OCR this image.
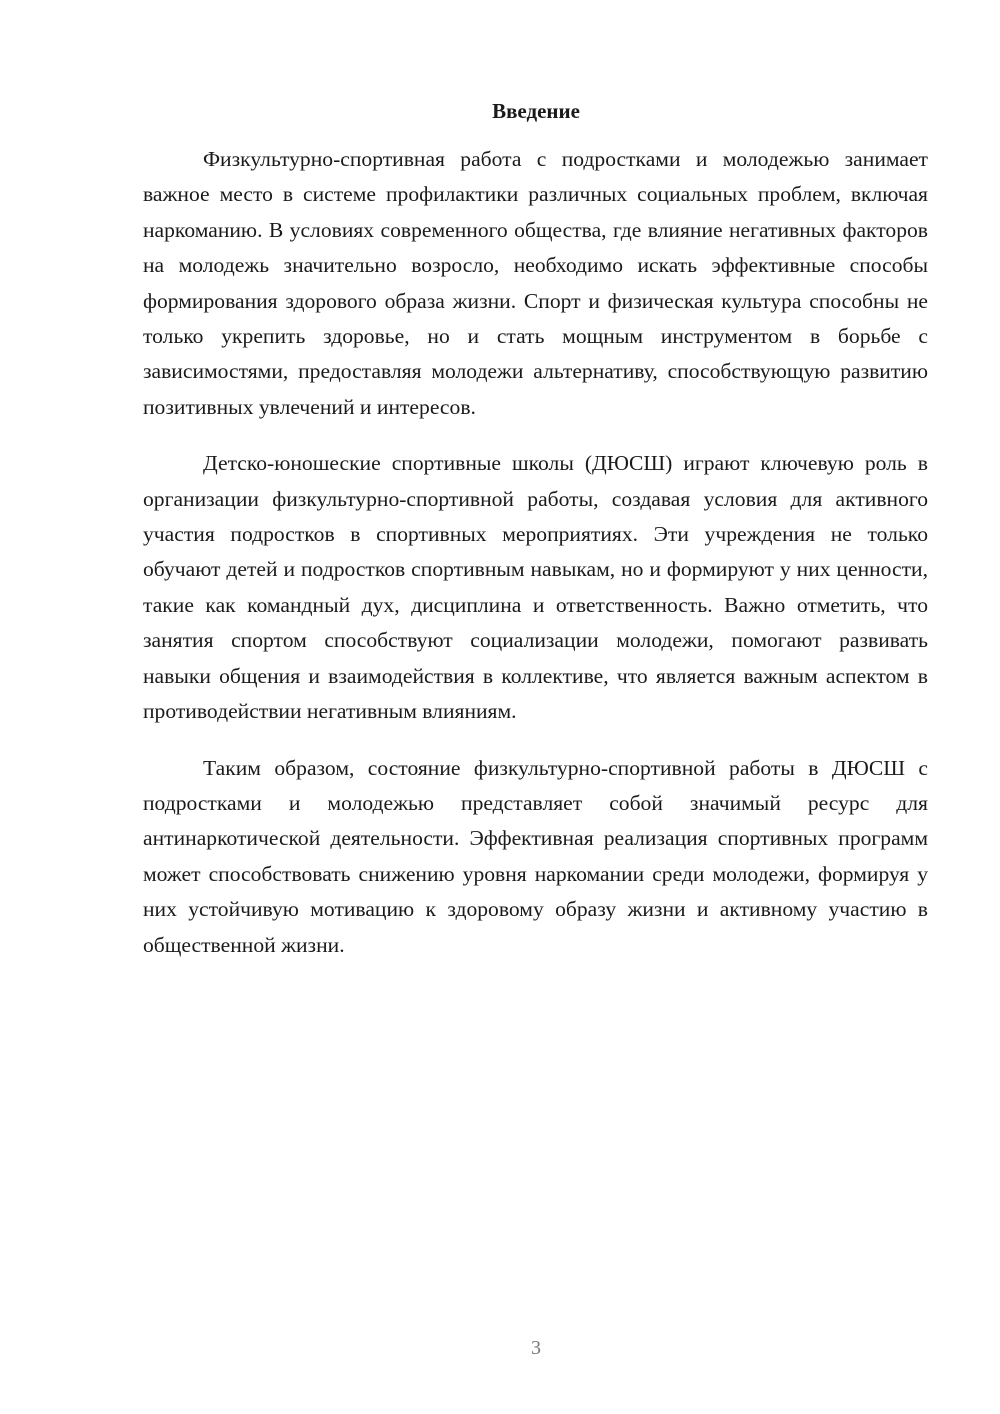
Введение

Физкультурно-спортивная работа с подростками и молодежью занимает важное место в системе профилактики различных социальных проблем, включая наркоманию. В условиях современного общества, где влияние негативных факторов на молодежь значительно возросло, необходимо искать эффективные способы формирования здорового образа жизни. Спорт и физическая культура способны не только укрепить здоровье, но и стать мощным инструментом в борьбе с зависимостями, предоставляя молодежи альтернативу, способствующую развитию позитивных увлечений и интересов.

Детско-юношеские спортивные школы (ДЮСШ) играют ключевую роль в организации физкультурно-спортивной работы, создавая условия для активного участия подростков в спортивных мероприятиях. Эти учреждения не только обучают детей и подростков спортивным навыкам, но и формируют у них ценности, такие как командный дух, дисциплина и ответственность. Важно отметить, что занятия спортом способствуют социализации молодежи, помогают развивать навыки общения и взаимодействия в коллективе, что является важным аспектом в противодействии негативным влияниям.

Таким образом, состояние физкультурно-спортивной работы в ДЮСШ с подростками и молодежью представляет собой значимый ресурс для антинаркотической деятельности. Эффективная реализация спортивных программ может способствовать снижению уровня наркомании среди молодежи, формируя у них устойчивую мотивацию к здоровому образу жизни и активному участию в общественной жизни.

3
